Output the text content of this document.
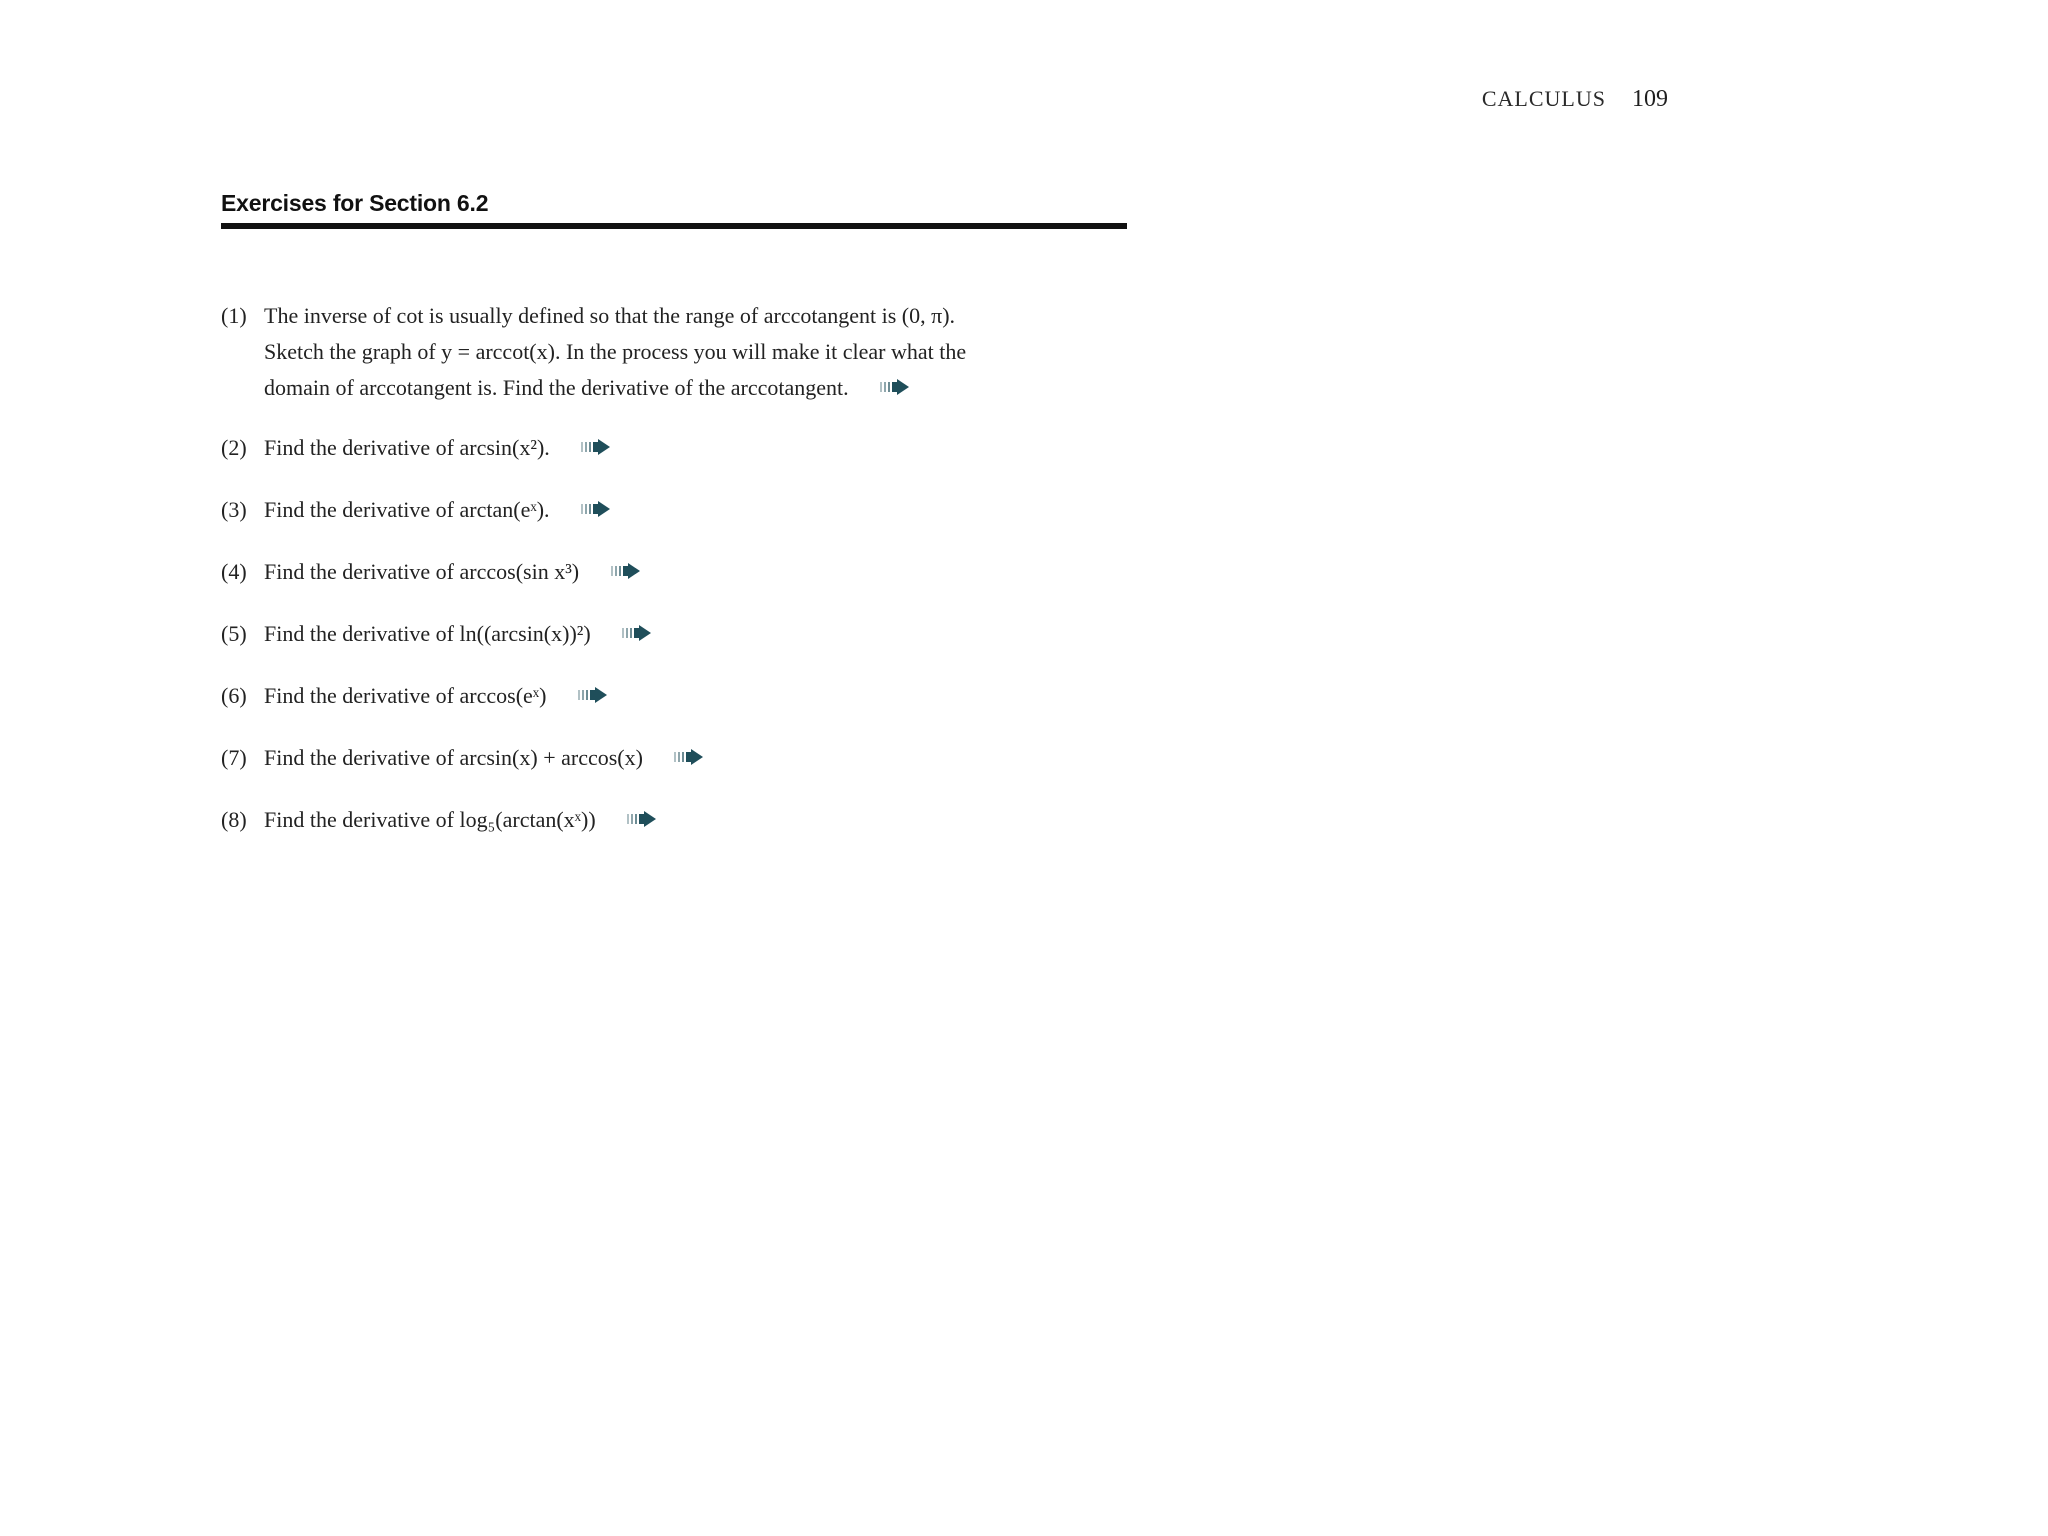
CALCULUS 109
Exercises for Section 6.2
(1) The inverse of cot is usually defined so that the range of arccotangent is (0, π).
Sketch the graph of y = arccot(x). In the process you will make it clear what the
domain of arccotangent is. Find the derivative of the arccotangent.
(2) Find the derivative of arcsin(x²).
(3) Find the derivative of arctan(eˣ).
(4) Find the derivative of arccos(sin x³)
(5) Find the derivative of ln((arcsin(x))²)
(6) Find the derivative of arccos(eˣ)
(7) Find the derivative of arcsin(x) + arccos(x)
(8) Find the derivative of log₅(arctan(xˣ))
